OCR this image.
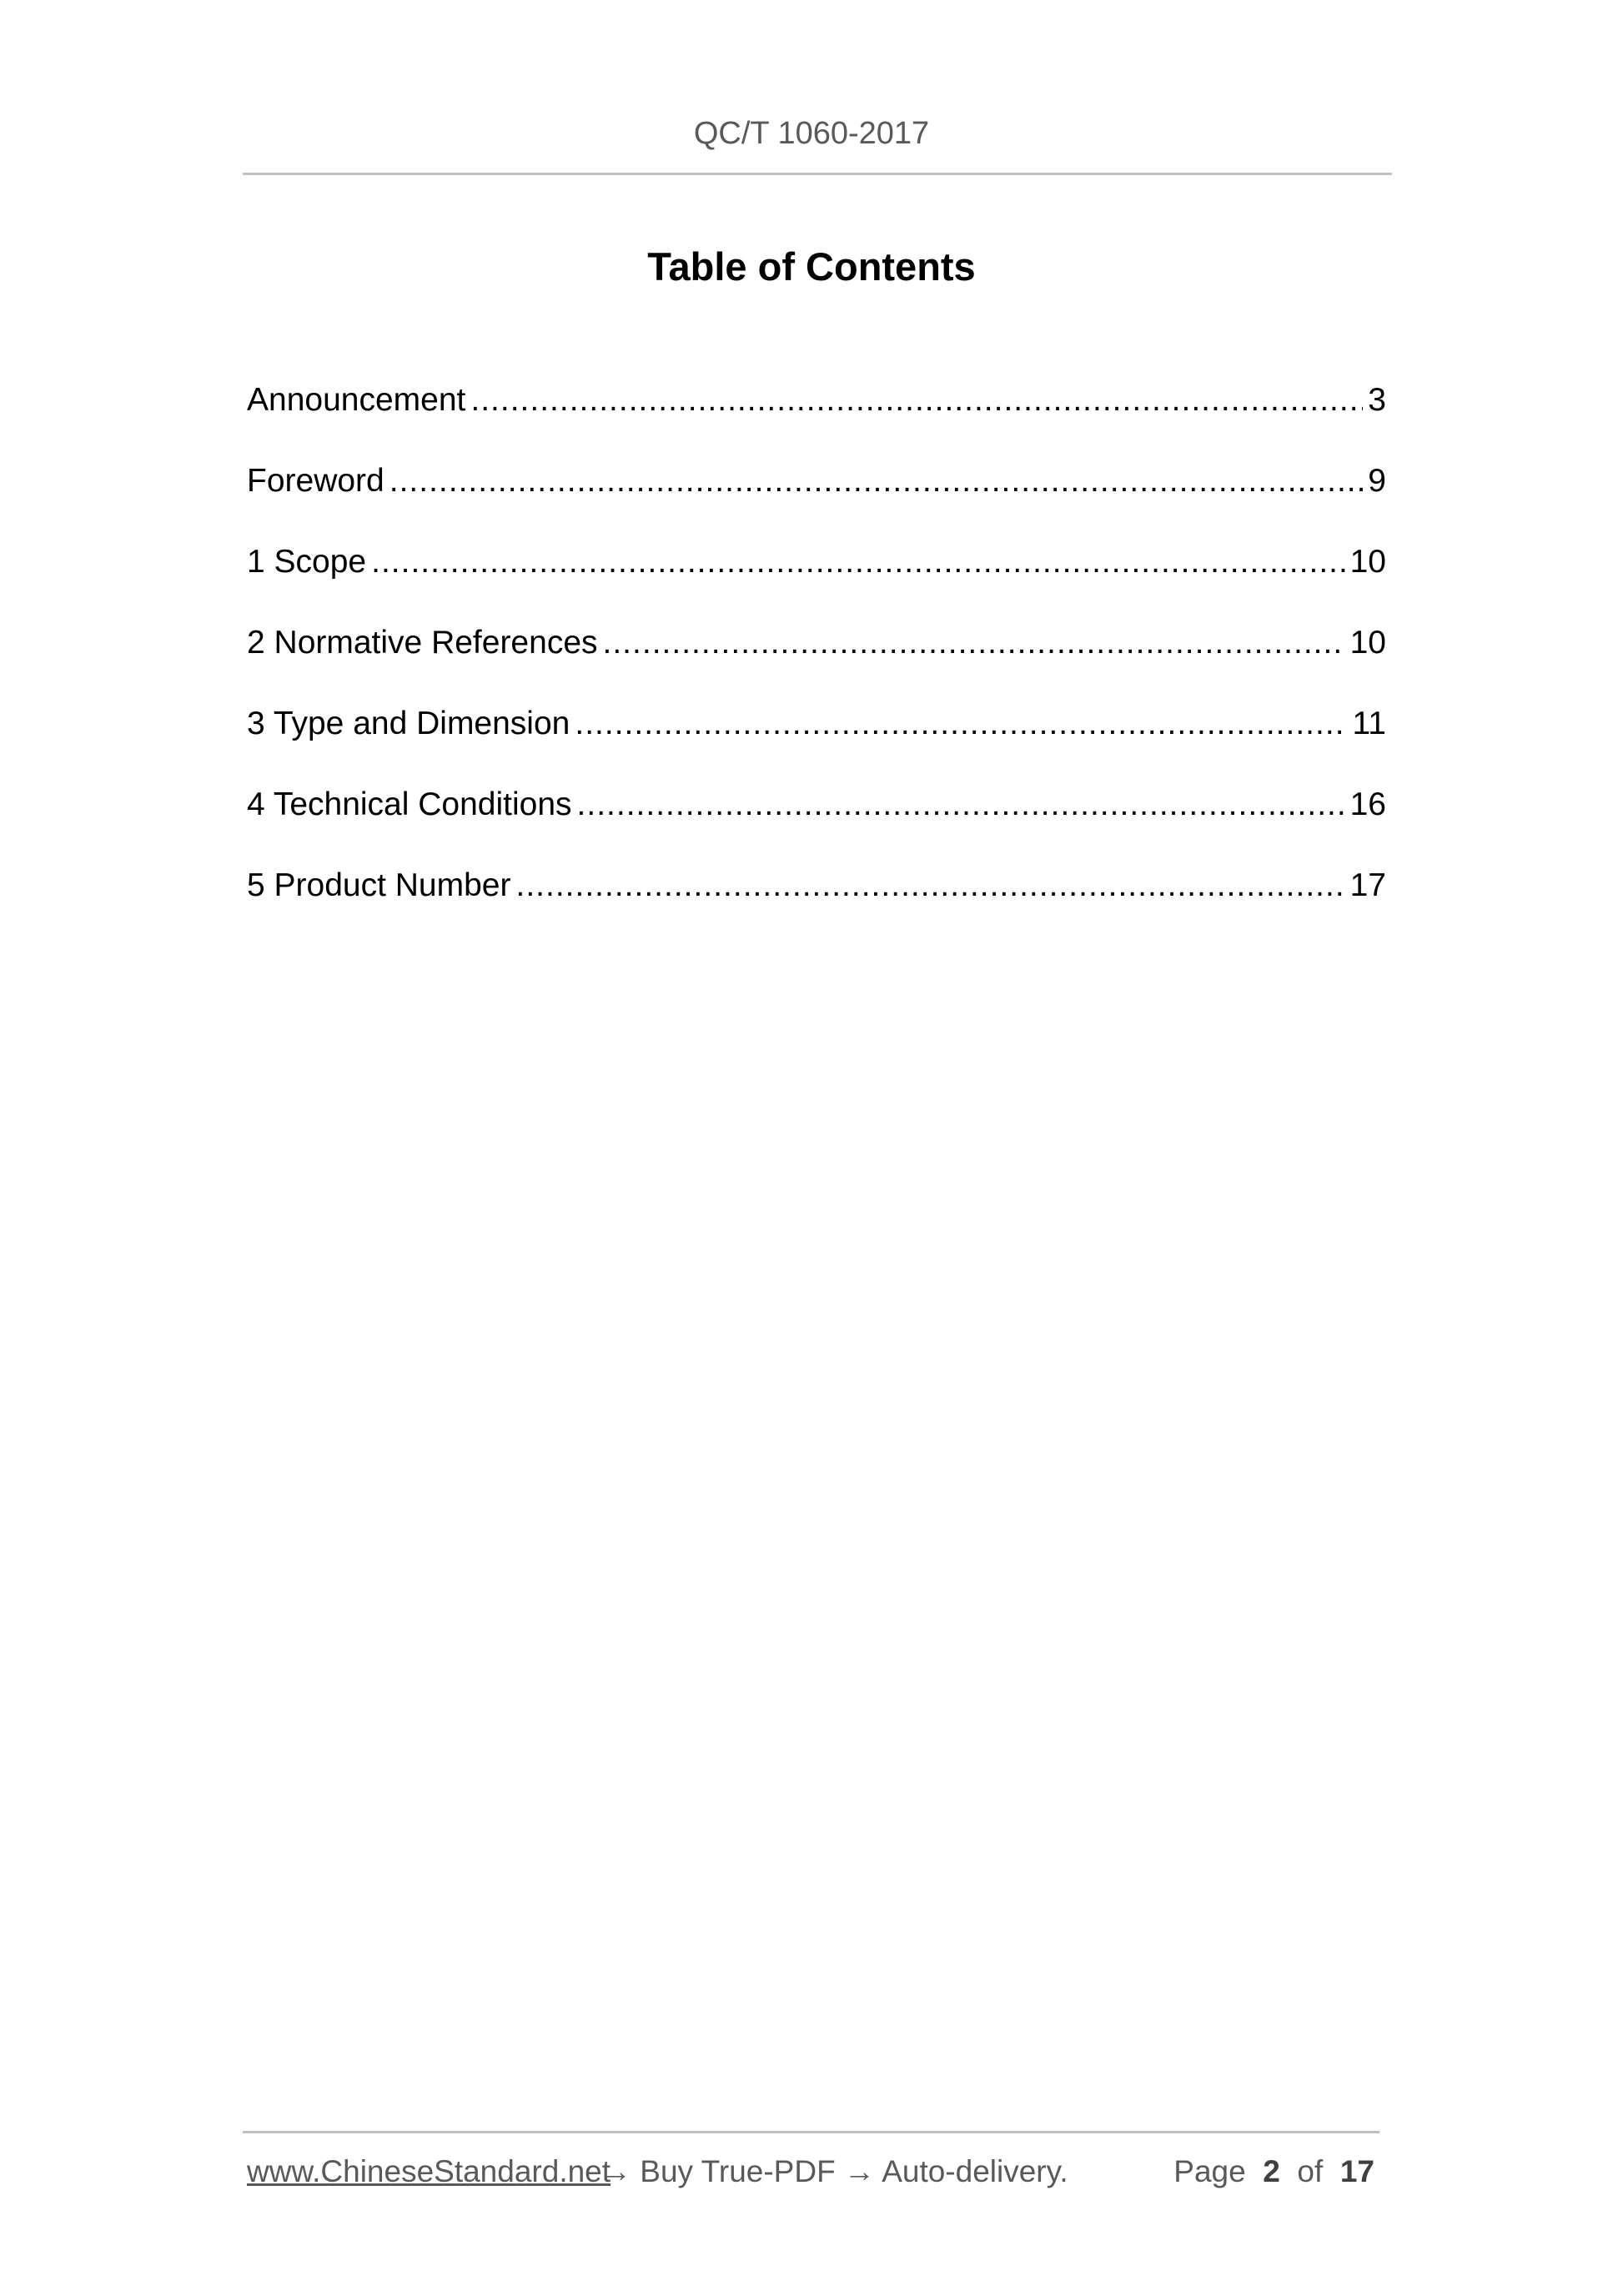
QC/T 1060-2017
Table of Contents
Announcement .....	3
Foreword .....	9
1 Scope .....	10
2 Normative References .....	10
3 Type and Dimension .....	11
4 Technical Conditions .....	16
5 Product Number .....	17
www.ChineseStandard.net
→ Buy True-PDF → Auto-delivery.	Page 2 of 17
